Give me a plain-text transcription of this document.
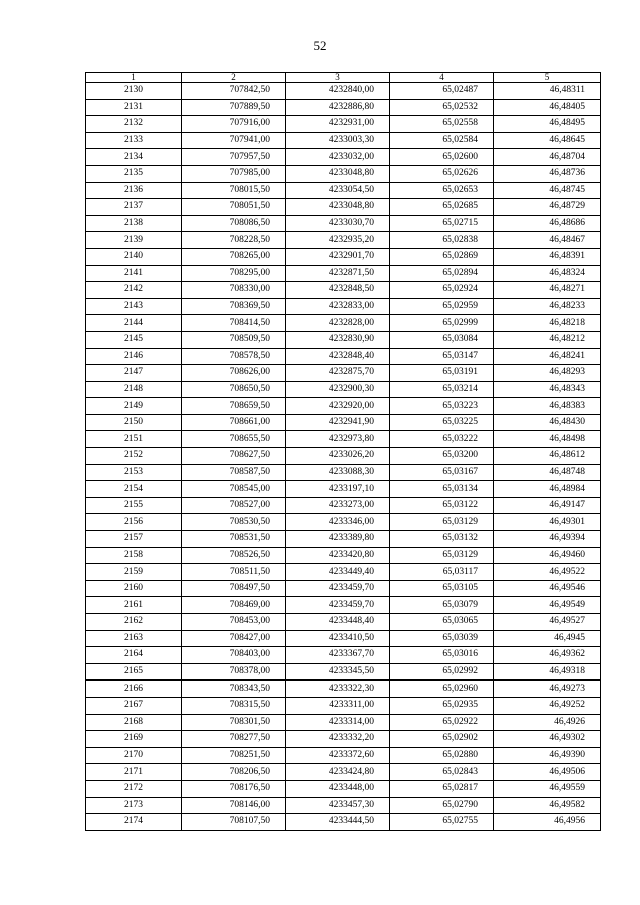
52
1	2	3	4	5
2130	707842,50	4232840,00	65,02487	46,48311
2131	707889,50	4232886,80	65,02532	46,48405
2132	707916,00	4232931,00	65,02558	46,48495
2133	707941,00	4233003,30	65,02584	46,48645
2134	707957,50	4233032,00	65,02600	46,48704
2135	707985,00	4233048,80	65,02626	46,48736
2136	708015,50	4233054,50	65,02653	46,48745
2137	708051,50	4233048,80	65,02685	46,48729
2138	708086,50	4233030,70	65,02715	46,48686
2139	708228,50	4232935,20	65,02838	46,48467
2140	708265,00	4232901,70	65,02869	46,48391
2141	708295,00	4232871,50	65,02894	46,48324
2142	708330,00	4232848,50	65,02924	46,48271
2143	708369,50	4232833,00	65,02959	46,48233
2144	708414,50	4232828,00	65,02999	46,48218
2145	708509,50	4232830,90	65,03084	46,48212
2146	708578,50	4232848,40	65,03147	46,48241
2147	708626,00	4232875,70	65,03191	46,48293
2148	708650,50	4232900,30	65,03214	46,48343
2149	708659,50	4232920,00	65,03223	46,48383
2150	708661,00	4232941,90	65,03225	46,48430
2151	708655,50	4232973,80	65,03222	46,48498
2152	708627,50	4233026,20	65,03200	46,48612
2153	708587,50	4233088,30	65,03167	46,48748
2154	708545,00	4233197,10	65,03134	46,48984
2155	708527,00	4233273,00	65,03122	46,49147
2156	708530,50	4233346,00	65,03129	46,49301
2157	708531,50	4233389,80	65,03132	46,49394
2158	708526,50	4233420,80	65,03129	46,49460
2159	708511,50	4233449,40	65,03117	46,49522
2160	708497,50	4233459,70	65,03105	46,49546
2161	708469,00	4233459,70	65,03079	46,49549
2162	708453,00	4233448,40	65,03065	46,49527
2163	708427,00	4233410,50	65,03039	46,4945
2164	708403,00	4233367,70	65,03016	46,49362
2165	708378,00	4233345,50	65,02992	46,49318
2166	708343,50	4233322,30	65,02960	46,49273
2167	708315,50	4233311,00	65,02935	46,49252
2168	708301,50	4233314,00	65,02922	46,4926
2169	708277,50	4233332,20	65,02902	46,49302
2170	708251,50	4233372,60	65,02880	46,49390
2171	708206,50	4233424,80	65,02843	46,49506
2172	708176,50	4233448,00	65,02817	46,49559
2173	708146,00	4233457,30	65,02790	46,49582
2174	708107,50	4233444,50	65,02755	46,4956
